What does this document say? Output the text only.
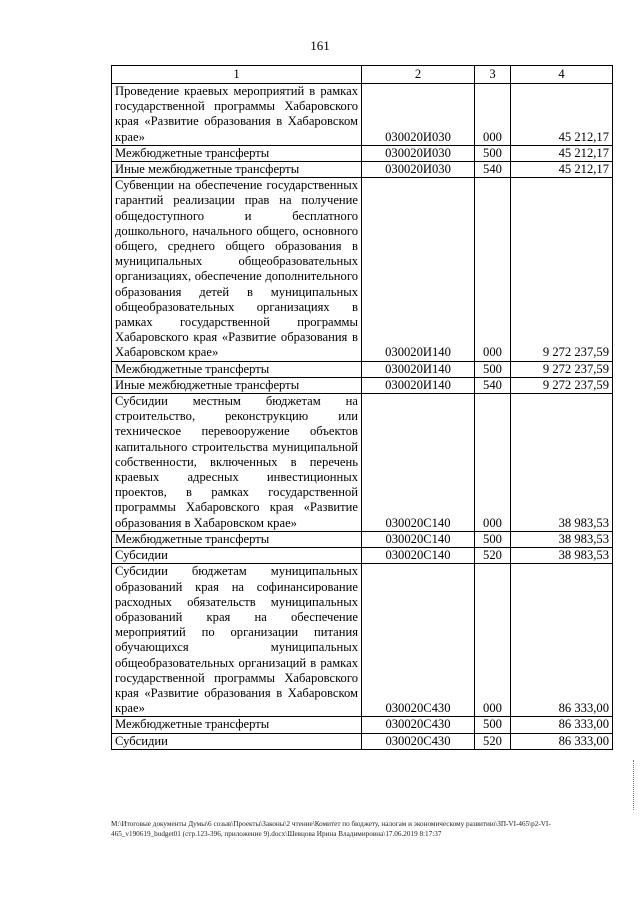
161
1	2	3	4
Проведение краевых мероприятий в рамках государственной программы Хабаровского края «Развитие образования в Хабаровском крае»	030020И030	000	45 212,17
Межбюджетные трансферты	030020И030	500	45 212,17
Иные межбюджетные трансферты	030020И030	540	45 212,17
Субвенции на обеспечение государственных гарантий реализации прав на получение общедоступного и бесплатного дошкольного, начального общего, основного общего, среднего общего образования в муниципальных общеобразовательных организациях, обеспечение дополнительного образования детей в муниципальных общеобразовательных организациях в рамках государственной программы Хабаровского края «Развитие образования в Хабаровском крае»	030020И140	000	9 272 237,59
Межбюджетные трансферты	030020И140	500	9 272 237,59
Иные межбюджетные трансферты	030020И140	540	9 272 237,59
Субсидии местным бюджетам на строительство, реконструкцию или техническое перевооружение объектов капитального строительства муниципальной собственности, включенных в перечень краевых адресных инвестиционных проектов, в рамках государственной программы Хабаровского края «Развитие образования в Хабаровском крае»	030020С140	000	38 983,53
Межбюджетные трансферты	030020С140	500	38 983,53
Субсидии	030020С140	520	38 983,53
Субсидии бюджетам муниципальных образований края на софинансирование расходных обязательств муниципальных образований края на обеспечение мероприятий по организации питания обучающихся муниципальных общеобразовательных организаций в рамках государственной программы Хабаровского края «Развитие образования в Хабаровском крае»	030020С430	000	86 333,00
Межбюджетные трансферты	030020С430	500	86 333,00
Субсидии	030020С430	520	86 333,00
М:\Итоговые документы Думы\6 созыв\Проекты\Законы\2 чтение\Комитет по бюджету, налогам и экономическому развитию\ЗП-VI-465\р2-VI-465_v190619_budget01 (стр.123-396, приложение 9).docx\Шевцова Ирина Владимировна\17.06.2019 8:17:37
